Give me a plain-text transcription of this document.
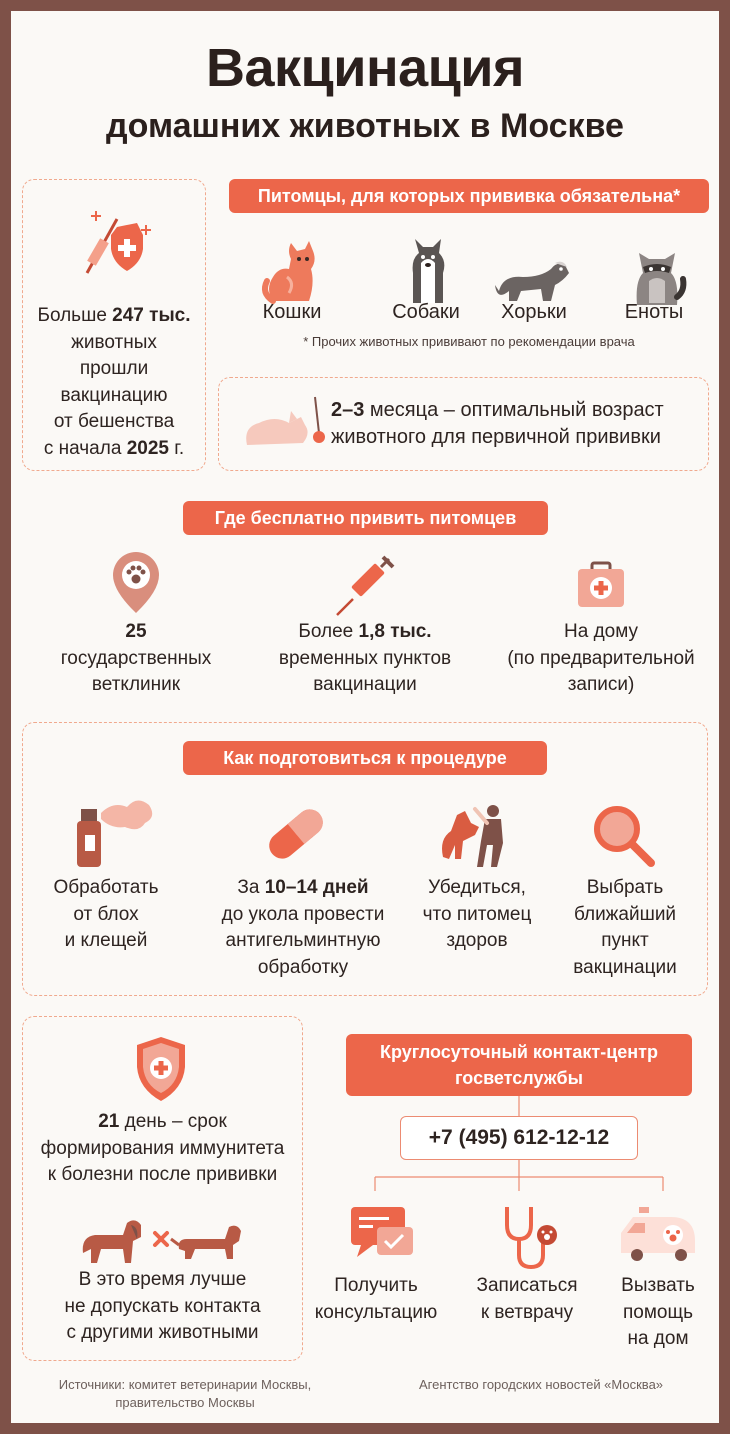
Вакцинация
домашних животных в Москве
Больше 247 тыс.
животных
прошли
вакцинацию
от бешенства
с начала 2025 г.
Питомцы, для которых прививка обязательна*
Кошки	Собаки	Хорьки	Еноты
* Прочих животных прививают по рекомендации врача
2–3 месяца – оптимальный возраст
животного для первичной прививки
Где бесплатно привить питомцев
25
государственных
ветклиник
Более 1,8 тыс.
временных пунктов
вакцинации
На дому
(по предварительной
записи)
Как подготовиться к процедуре
Обработать
от блох
и клещей
За 10–14 дней
до укола провести
антигельминтную
обработку
Убедиться,
что питомец
здоров
Выбрать
ближайший
пункт
вакцинации
21 день – срок
формирования иммунитета
к болезни после прививки
В это время лучше
не допускать контакта
с другими животными
Круглосуточный контакт-центр
госветслужбы
+7 (495) 612-12-12
Получить
консультацию
Записаться
к ветврачу
Вызвать
помощь
на дом
Источники: комитет ветеринарии Москвы,
правительство Москвы
Агентство городских новостей «Москва»
